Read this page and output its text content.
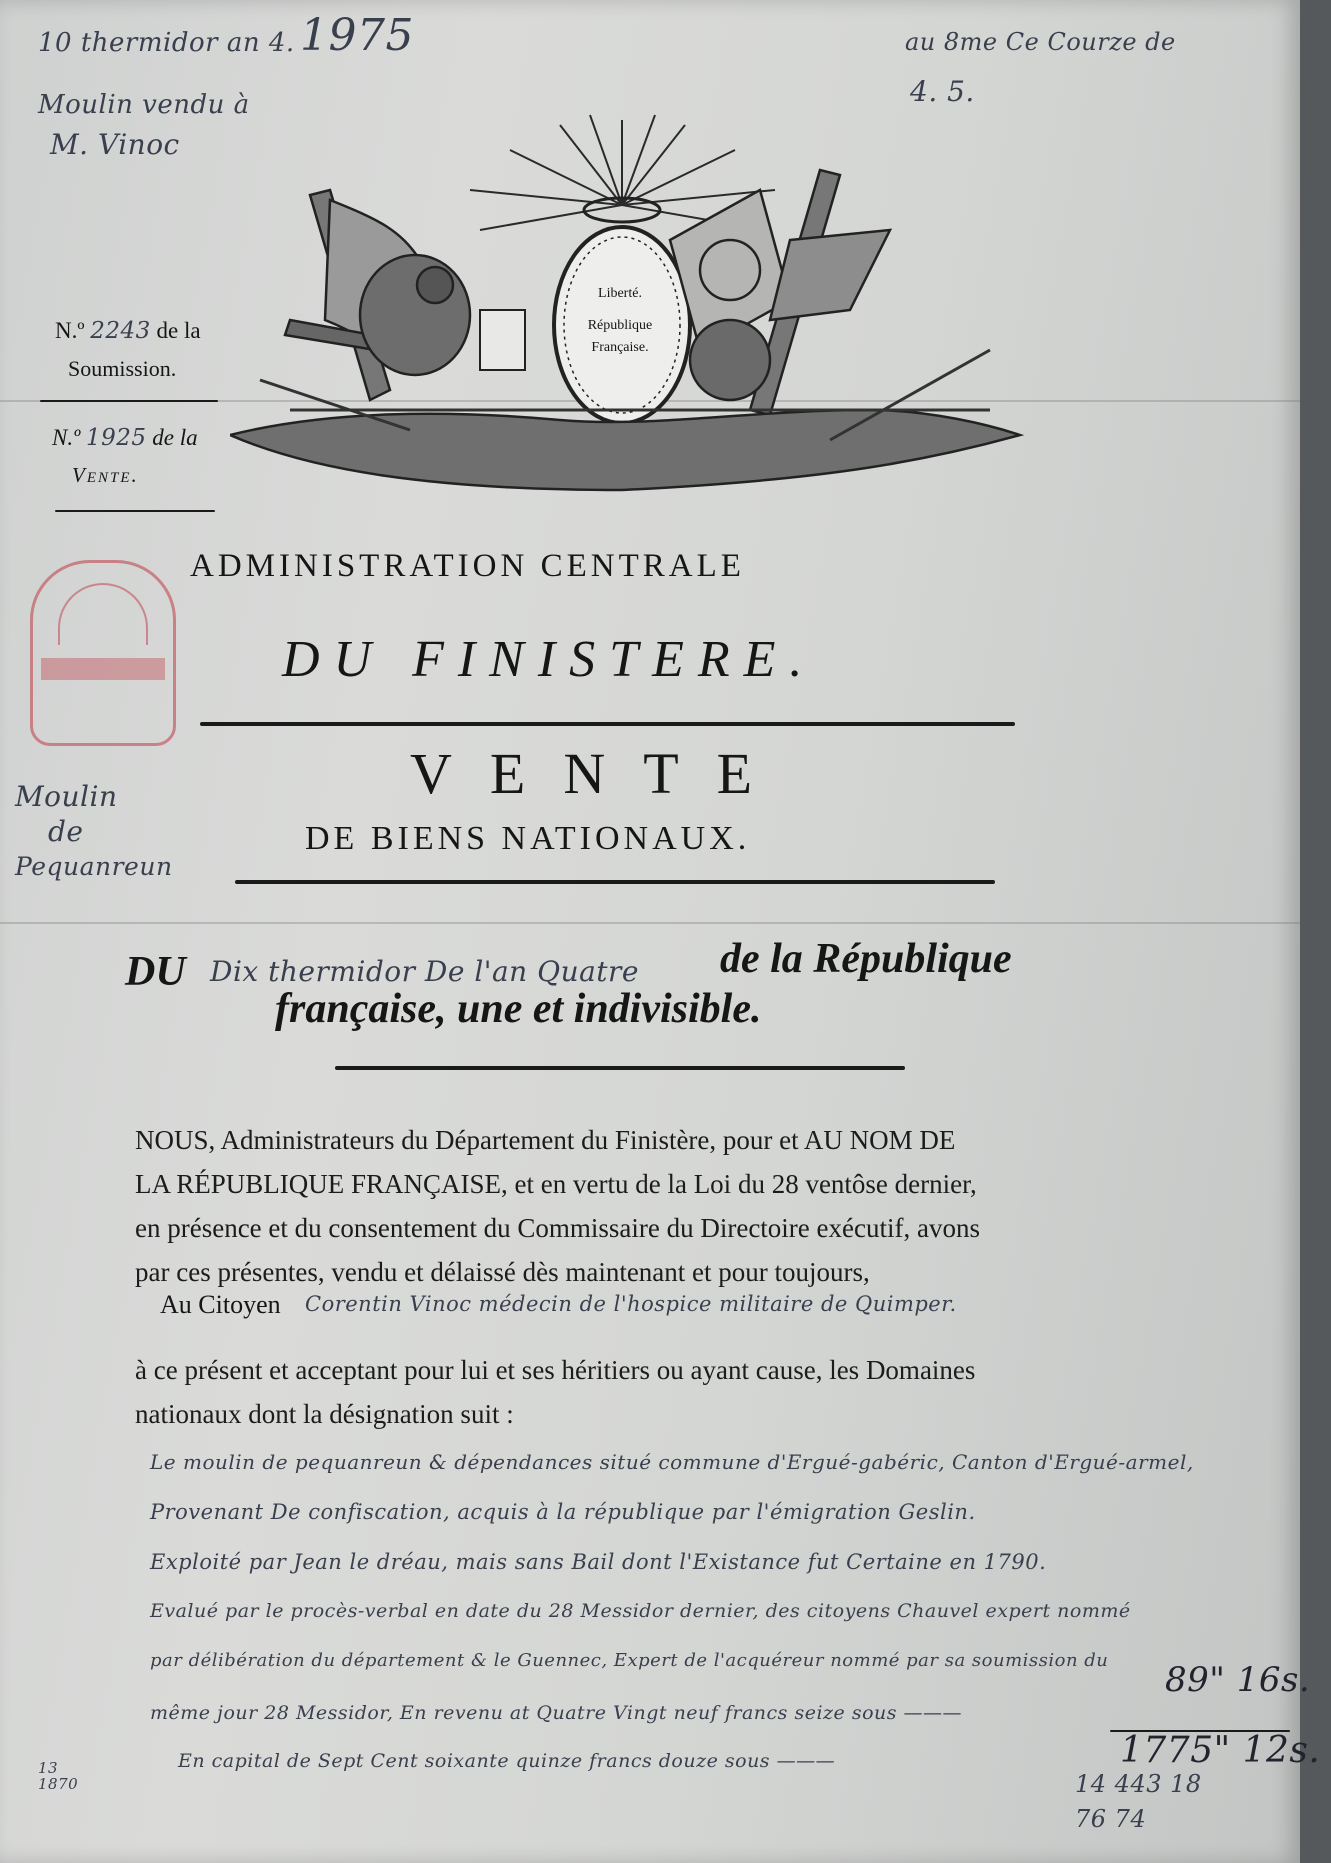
10 thermidor an 4. 1975	au 8me Ce Courze de
4. 5.
Moulin vendu à
M. Vinoc
N.º 2243 de la
Soumission.
N.º 1925 de la
Vente.
Liberté.
République
Française.
Moulin
de
Pequanreun
ADMINISTRATION CENTRALE
DU FINISTERE.
VENTE
DE BIENS NATIONAUX.
DU Dix thermidor De l'an Quatre de la République
française, une et indivisible.
NOUS, Administrateurs du Département du Finistère, pour et AU NOM DE
LA RÉPUBLIQUE FRANÇAISE, et en vertu de la Loi du 28 ventôse dernier,
en présence et du consentement du Commissaire du Directoire exécutif, avons
par ces présentes, vendu et délaissé dès maintenant et pour toujours,
Au Citoyen Corentin Vinoc médecin de l'hospice militaire de Quimper.
à ce présent et acceptant pour lui et ses héritiers ou ayant cause, les Domaines
nationaux dont la désignation suit :
Le moulin de pequanreun & dépendances situé commune d'Ergué-gabéric, Canton d'Ergué-armel,
Provenant De confiscation, acquis à la république par l'émigration Geslin.
Exploité par Jean le dréau, mais sans Bail dont l'Existance fut Certaine en 1790.
Evalué par le procès-verbal en date du 28 Messidor dernier, des citoyens Chauvel expert nommé
par délibération du département & le Guennec, Expert de l'acquéreur nommé par sa soumission du
même jour 28 Messidor, En revenu at Quatre Vingt neuf francs seize sous ———
En capital de Sept Cent soixante quinze francs douze sous ———
89" 16s.
1775" 12s.
14 443 18
76 74
13
1870
